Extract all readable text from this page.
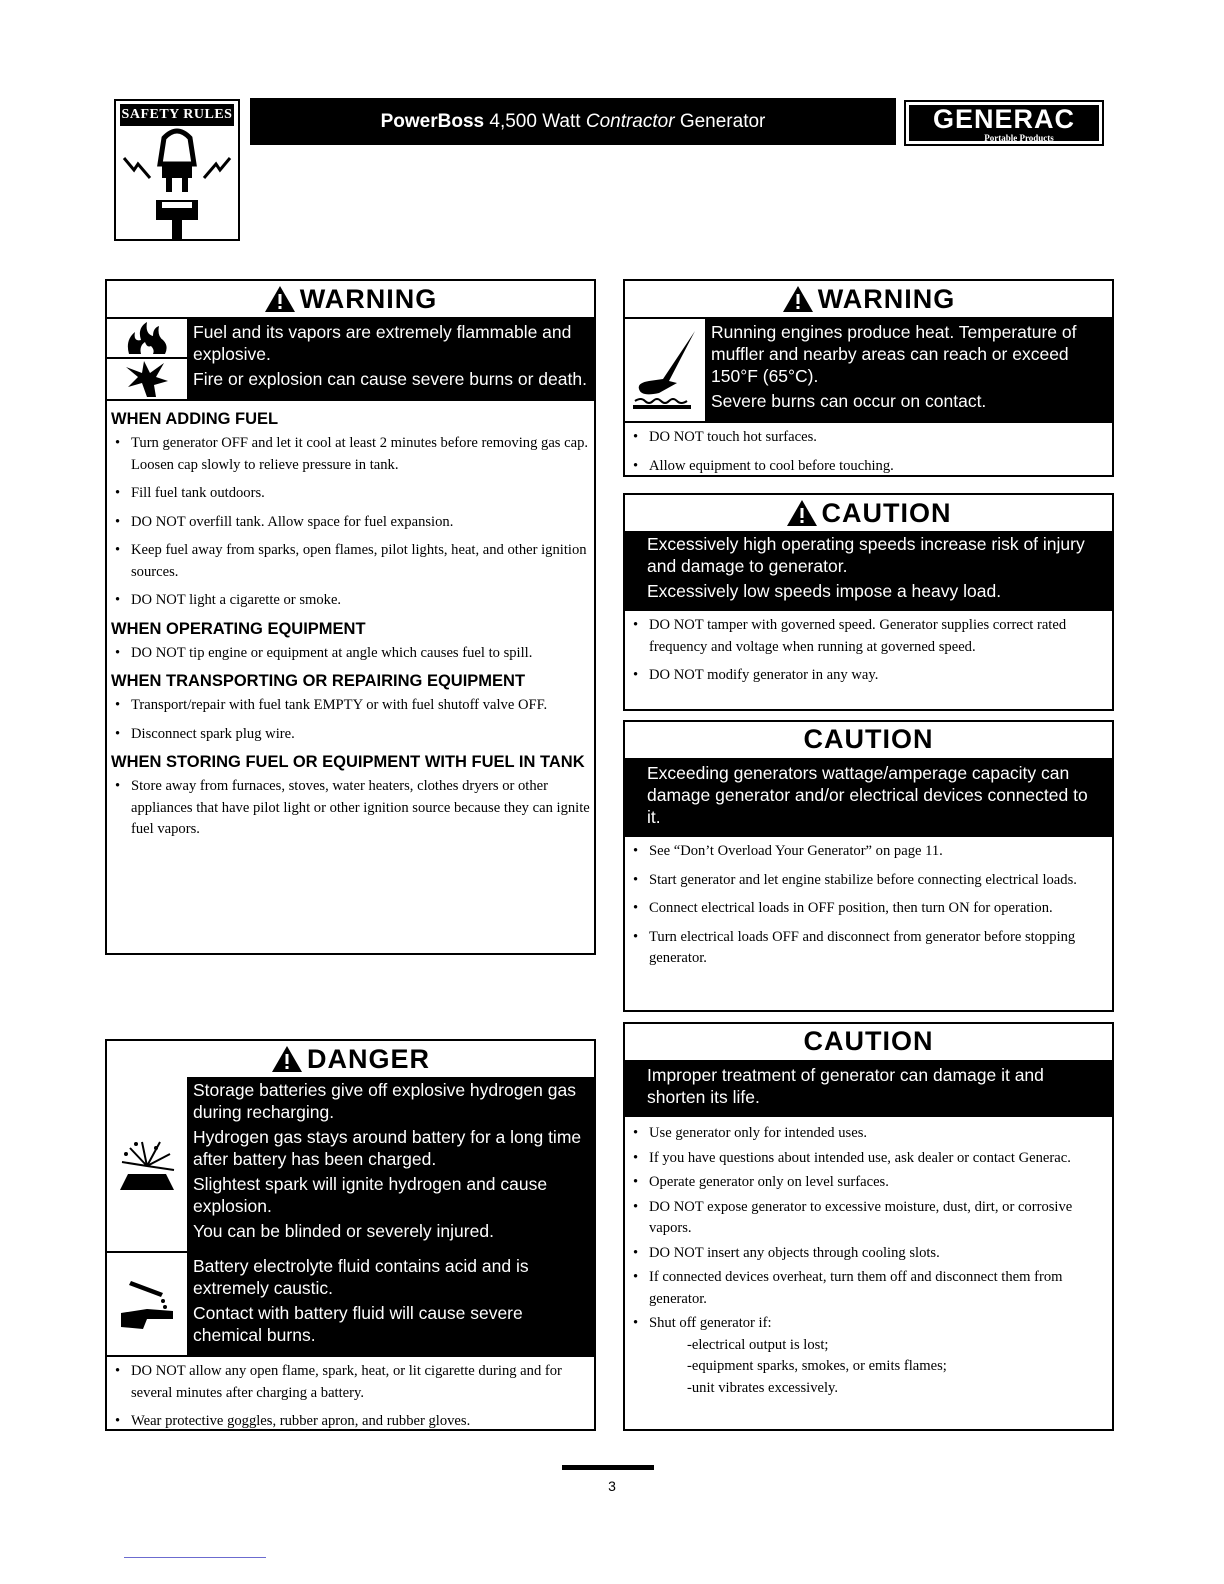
SAFETY RULES	PowerBoss 4,500 Watt Contractor Generator	GENERAC
Portable Products
WARNING

Fuel and its vapors are extremely flammable and explosive.

Fire or explosion can cause severe burns or death.

WHEN ADDING FUEL
• Turn generator OFF and let it cool at least 2 minutes before removing gas cap. Loosen cap slowly to relieve pressure in tank.
• Fill fuel tank outdoors.
• DO NOT overfill tank. Allow space for fuel expansion.
• Keep fuel away from sparks, open flames, pilot lights, heat, and other ignition sources.
• DO NOT light a cigarette or smoke.
WHEN OPERATING EQUIPMENT
• DO NOT tip engine or equipment at angle which causes fuel to spill.
WHEN TRANSPORTING OR REPAIRING EQUIPMENT
• Transport/repair with fuel tank EMPTY or with fuel shutoff valve OFF.
• Disconnect spark plug wire.
WHEN STORING FUEL OR EQUIPMENT WITH FUEL IN TANK
• Store away from furnaces, stoves, water heaters, clothes dryers or other appliances that have pilot light or other ignition source because they can ignite fuel vapors.
WARNING

Running engines produce heat. Temperature of muffler and nearby areas can reach or exceed 150°F (65°C).

Severe burns can occur on contact.

• DO NOT touch hot surfaces.
• Allow equipment to cool before touching.
CAUTION

Excessively high operating speeds increase risk of injury and damage to generator.

Excessively low speeds impose a heavy load.

• DO NOT tamper with governed speed. Generator supplies correct rated frequency and voltage when running at governed speed.
• DO NOT modify generator in any way.
CAUTION

Exceeding generators wattage/amperage capacity can damage generator and/or electrical devices connected to it.

• See “Don’t Overload Your Generator” on page 11.
• Start generator and let engine stabilize before connecting electrical loads.
• Connect electrical loads in OFF position, then turn ON for operation.
• Turn electrical loads OFF and disconnect from generator before stopping generator.
DANGER

Storage batteries give off explosive hydrogen gas during recharging.

Hydrogen gas stays around battery for a long time after battery has been charged.

Slightest spark will ignite hydrogen and cause explosion.

You can be blinded or severely injured.

Battery electrolyte fluid contains acid and is extremely caustic.

Contact with battery fluid will cause severe chemical burns.

• DO NOT allow any open flame, spark, heat, or lit cigarette during and for several minutes after charging a battery.
• Wear protective goggles, rubber apron, and rubber gloves.
CAUTION

Improper treatment of generator can damage it and shorten its life.

• Use generator only for intended uses.
• If you have questions about intended use, ask dealer or contact Generac.
• Operate generator only on level surfaces.
• DO NOT expose generator to excessive moisture, dust, dirt, or corrosive vapors.
• DO NOT insert any objects through cooling slots.
• If connected devices overheat, turn them off and disconnect them from generator.
• Shut off generator if:
-electrical output is lost;
-equipment sparks, smokes, or emits flames;
-unit vibrates excessively.
3
